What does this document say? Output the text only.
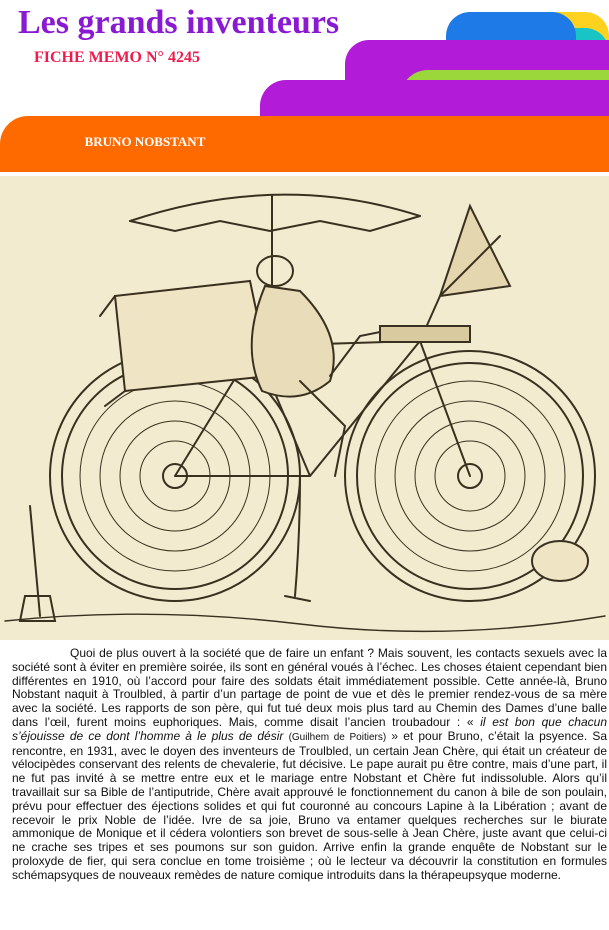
Les grands inventeurs
FICHE MEMO N° 4245
BRUNO NOBSTANT

Quoi de plus ouvert à la société que de faire un enfant ? Mais souvent, les contacts sexuels avec la société sont à éviter en première soirée, ils sont en général voués à l’échec. Les choses étaient cependant bien différentes en 1910, où l’accord pour faire des soldats était immédiatement possible. Cette année-là, Bruno Nobstant naquit à Troulbled, à partir d’un partage de point de vue et dès le premier rendez-vous de sa mère avec la société. Les rapports de son père, qui fut tué deux mois plus tard au Chemin des Dames d’une balle dans l’œil, furent moins euphoriques. Mais, comme disait l’ancien troubadour : « il est bon que chacun s’éjouisse de ce dont l’homme à le plus de désir (Guilhem de Poitiers) » et pour Bruno, c’était la psyence. Sa rencontre, en 1931, avec le doyen des inventeurs de Troulbled, un certain Jean Chère, qui était un créateur de vélocipèdes conservant des relents de chevalerie, fut décisive. Le pape aurait pu être contre, mais d’une part, il ne fut pas invité à se mettre entre eux et le mariage entre Nobstant et Chère fut indissoluble. Alors qu’il travaillait sur sa Bible de l’antiputride, Chère avait approuvé le fonctionnement du canon à bile de son poulain, prévu pour effectuer des éjections solides et qui fut couronné au concours Lapine à la Libération ; avant de recevoir le prix Noble de l’idée. Ivre de sa joie, Bruno va entamer quelques recherches sur le biurate ammonique de Monique et il cédera volontiers son brevet de sous-selle à Jean Chère, juste avant que celui-ci ne crache ses tripes et ses poumons sur son guidon. Arrive enfin la grande enquête de Nobstant sur le proloxyde de fier, qui sera conclue en tome troisième ; où le lecteur va découvrir la constitution en formules schémapsyques de nouveaux remèdes de nature comique introduits dans la thérapeupsyque moderne.
